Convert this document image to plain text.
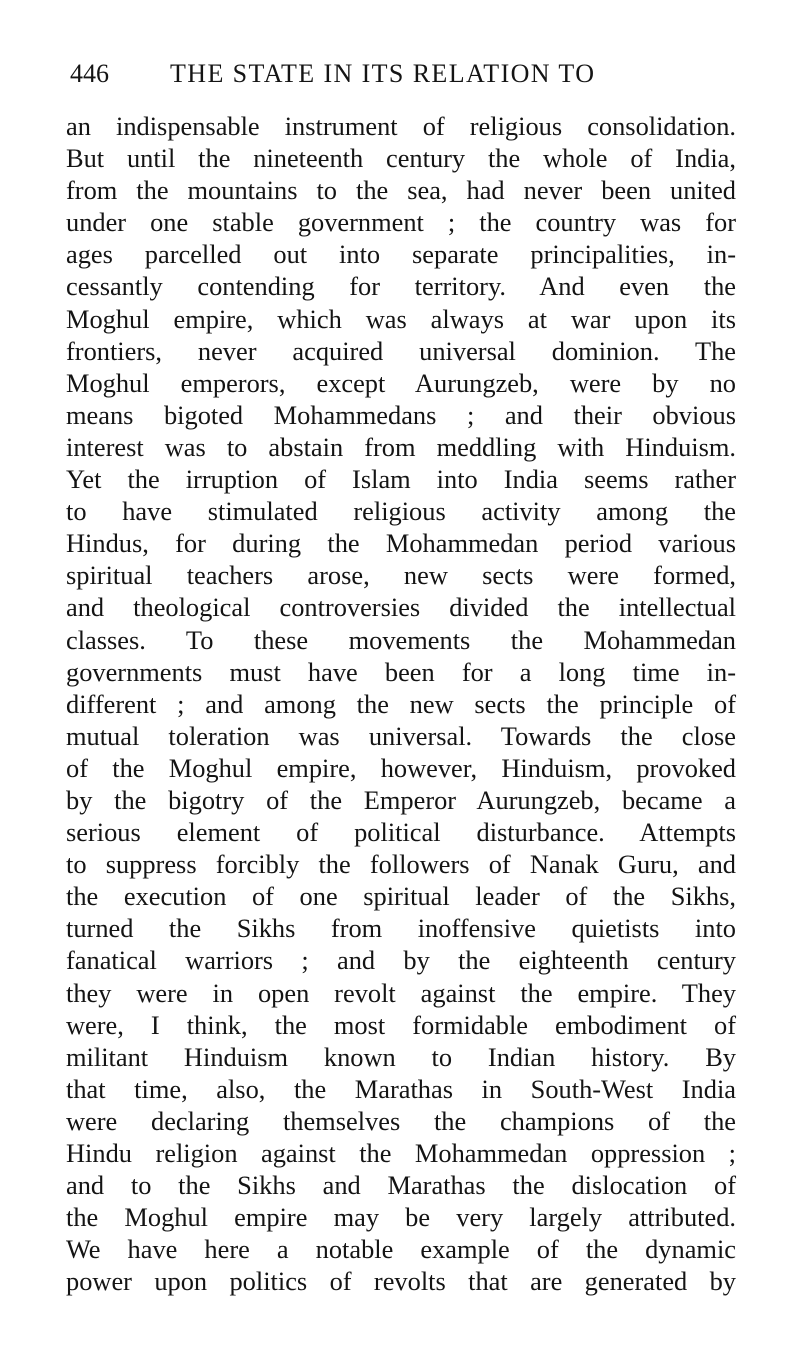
446 THE STATE IN ITS RELATION TO
an indispensable instrument of religious consolidation.
But until the nineteenth century the whole of India,
from the mountains to the sea, had never been united
under one stable government ; the country was for
ages parcelled out into separate principalities, in-
cessantly contending for territory. And even the
Moghul empire, which was always at war upon its
frontiers, never acquired universal dominion. The
Moghul emperors, except Aurungzeb, were by no
means bigoted Mohammedans ; and their obvious
interest was to abstain from meddling with Hinduism.
Yet the irruption of Islam into India seems rather
to have stimulated religious activity among the
Hindus, for during the Mohammedan period various
spiritual teachers arose, new sects were formed,
and theological controversies divided the intellectual
classes. To these movements the Mohammedan
governments must have been for a long time in-
different ; and among the new sects the principle of
mutual toleration was universal. Towards the close
of the Moghul empire, however, Hinduism, provoked
by the bigotry of the Emperor Aurungzeb, became a
serious element of political disturbance. Attempts
to suppress forcibly the followers of Nanak Guru, and
the execution of one spiritual leader of the Sikhs,
turned the Sikhs from inoffensive quietists into
fanatical warriors ; and by the eighteenth century
they were in open revolt against the empire. They
were, I think, the most formidable embodiment of
militant Hinduism known to Indian history. By
that time, also, the Marathas in South-West India
were declaring themselves the champions of the
Hindu religion against the Mohammedan oppression ;
and to the Sikhs and Marathas the dislocation of
the Moghul empire may be very largely attributed.
We have here a notable example of the dynamic
power upon politics of revolts that are generated by
